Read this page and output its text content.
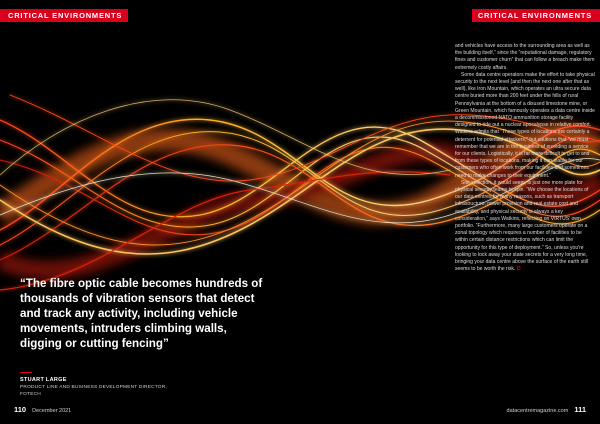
CRITICAL ENVIRONMENTS	CRITICAL ENVIRONMENTS

and vehicles have access to the surrounding area as well as the building itself,” since the “reputational damage, regulatory fines and customer churn” that can follow a breach make them extremely costly affairs.

Some data centre operators make the effort to take physical security to the next level (and then the next one after that as well), like Iron Mountain, which operates an ultra secure data centre buried more than 200 feet under the hills of rural Pennsylvania at the bottom of a disused limestone mine, or Green Mountain, which famously operates a data centre inside a decommissioned NATO ammunition storage facility designed to ride out a nuclear apocalypse in relative comfort. Watkins admits that “These types of locations are certainly a deterrent for potential attackers,” but cautions that “we must remember that we are in the business of providing a service for our clients. Logistically, it is far more difficult to get to and from these types of locations, making it non-viable for our customers who often work from our facilities and sometimes need to make changes to their equipment.”

Site selection, it would seem, is just one more plate for physical security teams to spin. “We choose the locations of our data centres for many reasons, such as transport infrastructure, power provision and real estate cost and availability, and physical security is always a key consideration,” says Watkins, reflecting on VIRTUS’ own portfolio. “Furthermore, many large customers operate on a zonal topology which requires a number of facilities to be within certain distance restrictions which can limit the opportunity for this type of deployment.” So, unless you're looking to lock away your state secrets for a very long time, bringing your data centre above the surface of the earth still seems to be worth the risk. O

“The fibre optic cable becomes hundreds of thousands of vibration sensors that detect and track any activity, including vehicle movements, intruders climbing walls, digging or cutting fencing”
STUART LARGE
PRODUCT LINE AND BUSINESS DEVELOPMENT DIRECTOR, FOTECH
110 December 2021	datacentremagazine.com 111
